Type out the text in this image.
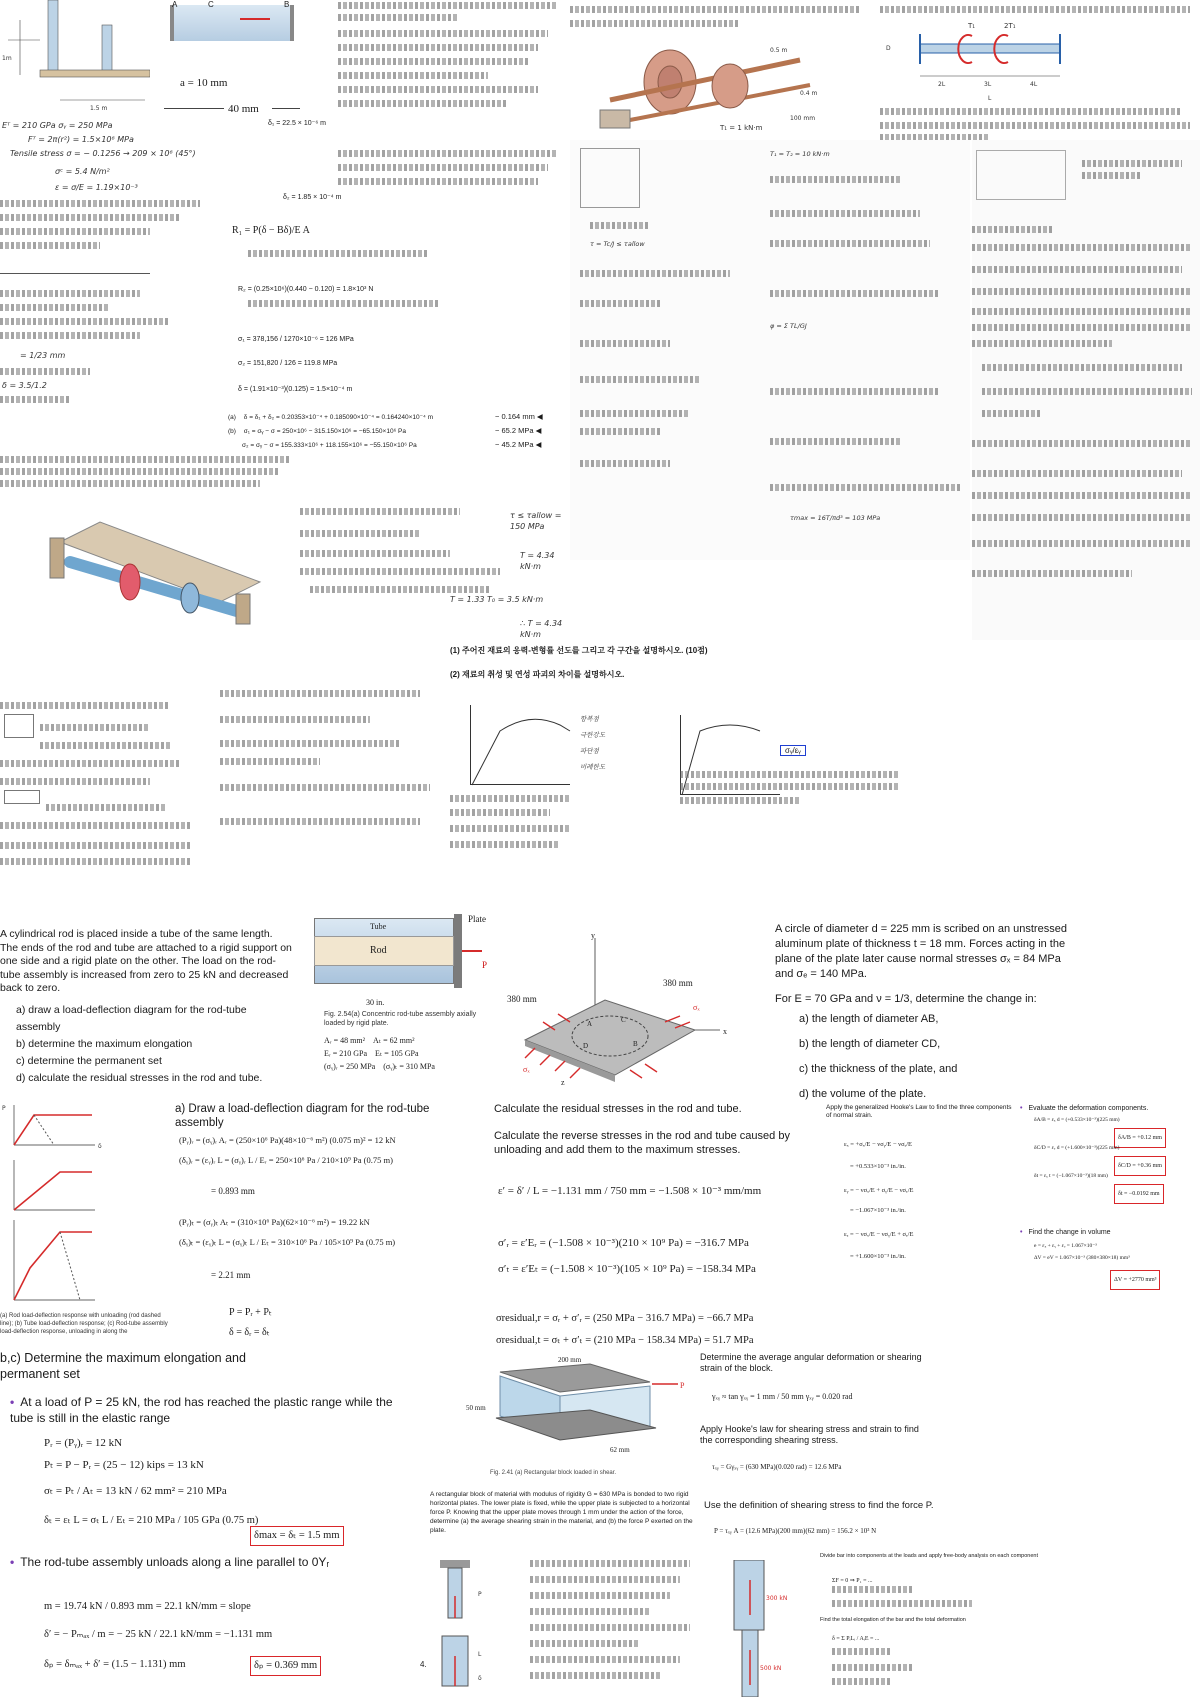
1m
1.5 m
A	C	B
a = 10 mm
40 mm
Eᵀ = 210 GPa σᵧ = 250 MPa
Fᵀ = 2π(r²) = 1.5×10⁶ MPa
Tensile stress σ = − 0.1256 → 209 × 10⁶ (45°)
σᶜ = 5.4 N/m²
ε = σ/E = 1.19×10⁻³
= 1/23 mm
δ = 3.5/1.2
δ₁ = 22.5 × 10⁻⁶ m
δ₂ = 1.85 × 10⁻⁴ m
R₁ = P(δ − Bδ)/E A
R₂ = (0.25×10⁶)(0.440 − 0.120) = 1.8×10³ N
σ₁ = 378,156 / 1270×10⁻⁶ = 126 MPa
σ₂ = 151,820 / 126 = 119.8 MPa
δ = (1.91×10⁻³)(0.125) = 1.5×10⁻⁴ m
(a) δ = δ₁ + δ₂ = 0.20353×10⁻⁴ + 0.185090×10⁻⁴ = 0.164240×10⁻⁴ m
(b) σ₁ = σᵧ − σ = 250×10⁶ − 315.150×10⁶ = −65.150×10⁶ Pa
σ₂ = σᵧ − σ = 155.333×10⁶ + 118.155×10⁶ = −55.150×10⁶ Pa
− 0.164 mm ◀
− 65.2 MPa ◀
− 45.2 MPa ◀
T₁ = 1 kN·m
0.5 m
0.4 m
100 mm
T₁	2T₁
2L	3L	4L
L
D
T₁ = T₂ = 10 kN·m
τ = Tc/J ≤ τallow
φ = Σ TL/GJ
τmax = 16T/πd³ = 103 MPa
τ ≤ τallow = 150 MPa
T = 4.34 kN·m
T = 1.33 T₀ = 3.5 kN·m
∴ T = 4.34 kN·m
(1) 주어진 재료의 응력-변형률 선도를 그리고 각 구간을 설명하시오. (10점)
(2) 재료의 취성 및 연성 파괴의 차이를 설명하시오.
항복점
극한강도
파단점
비례한도
σᵧ/εᵧ
A cylindrical rod is placed inside a tube of the same length. The ends of the rod and tube are attached to a rigid support on one side and a rigid plate on the other. The load on the rod-tube assembly is increased from zero to 25 kN and decreased back to zero.
a) draw a load-deflection diagram for the rod-tube assembly
b) determine the maximum elongation
c) determine the permanent set
d) calculate the residual stresses in the rod and tube.
Rod
Tube
Plate
P
30 in.
Fig. 2.54(a) Concentric rod-tube assembly axially loaded by rigid plate.
Aᵣ = 48 mm² Aₜ = 62 mm²
Eᵣ = 210 GPa Eₜ = 105 GPa
(σᵧ)ᵣ = 250 MPa (σᵧ)ₜ = 310 MPa
380 mm
380 mm
A
B
C
D
x
y
z
σₓ
σₓ
A circle of diameter d = 225 mm is scribed on an unstressed aluminum plate of thickness t = 18 mm. Forces acting in the plane of the plate later cause normal stresses σₓ = 84 MPa and σₑ = 140 MPa.
For E = 70 GPa and ν = 1/3, determine the change in:
a) the length of diameter AB,
b) the length of diameter CD,
c) the thickness of the plate, and
d) the volume of the plate.
P
δ
(a) Rod load-deflection response with unloading (rod dashed line); (b) Tube load-deflection response; (c) Rod-tube assembly load-deflection response, unloading in along the
a) Draw a load-deflection diagram for the rod-tube assembly
(Pᵧ)ᵣ = (σᵧ)ᵣ Aᵣ = (250×10⁶ Pa)(48×10⁻⁶ m²) (0.075 m)² = 12 kN
(δᵧ)ᵣ = (εᵧ)ᵣ L = (σᵧ)ᵣ L / Eᵣ = 250×10⁶ Pa / 210×10⁹ Pa (0.75 m)
= 0.893 mm
(Pᵧ)ₜ = (σᵧ)ₜ Aₜ = (310×10⁶ Pa)(62×10⁻⁶ m²) = 19.22 kN
(δᵧ)ₜ = (εᵧ)ₜ L = (σᵧ)ₜ L / Eₜ = 310×10⁶ Pa / 105×10⁹ Pa (0.75 m)
= 2.21 mm
P = Pᵣ + Pₜ
δ = δᵣ = δₜ
Calculate the residual stresses in the rod and tube.
Calculate the reverse stresses in the rod and tube caused by unloading and add them to the maximum stresses.
ε′ = δ′ / L = −1.131 mm / 750 mm = −1.508 × 10⁻³ mm/mm
σ′ᵣ = ε′Eᵣ = (−1.508 × 10⁻³)(210 × 10⁹ Pa) = −316.7 MPa
σ′ₜ = ε′Eₜ = (−1.508 × 10⁻³)(105 × 10⁹ Pa) = −158.34 MPa
σresidual,r = σᵣ + σ′ᵣ = (250 MPa − 316.7 MPa) = −66.7 MPa
σresidual,t = σₜ + σ′ₜ = (210 MPa − 158.34 MPa) = 51.7 MPa
Apply the generalized Hooke's Law to find the three components of normal strain.
εₓ = +σₓ/E − νσᵧ/E − νσₑ/E
= +0.533×10⁻³ in./in.
εᵧ = − νσₓ/E + σᵧ/E − νσₑ/E
= −1.067×10⁻³ in./in.
εₑ = − νσₓ/E − νσᵧ/E + σₑ/E
= +1.600×10⁻³ in./in.
• Evaluate the deformation components.
δA/B = εₓ d = (+0.533×10⁻³)(225 mm)
δA/B = +0.12 mm
δC/D = εₑ d = (+1.600×10⁻³)(225 mm)
δC/D = +0.36 mm
δt = εᵧ t = (−1.067×10⁻³)(18 mm)
δt = −0.0192 mm
• Find the change in volume
e = εₓ + εᵧ + εₑ = 1.067×10⁻³
ΔV = eV = 1.067×10⁻³ (380×380×18) mm³
ΔV = +2770 mm³
b,c) Determine the maximum elongation and permanent set
• At a load of P = 25 kN, the rod has reached the plastic range while the tube is still in the elastic range
Pᵣ = (Pᵧ)ᵣ = 12 kN
Pₜ = P − Pᵣ = (25 − 12) kips = 13 kN
σₜ = Pₜ / Aₜ = 13 kN / 62 mm² = 210 MPa
δₜ = εₜ L = σₜ L / Eₜ = 210 MPa / 105 GPa (0.75 m)
δmax = δₜ = 1.5 mm
• The rod-tube assembly unloads along a line parallel to 0Yᵣ
m = 19.74 kN / 0.893 mm = 22.1 kN/mm = slope
δ′ = − Pₘₐₓ / m = − 25 kN / 22.1 kN/mm = −1.131 mm
δₚ = δₘₐₓ + δ′ = (1.5 − 1.131) mm	δₚ = 0.369 mm
200 mm
50 mm
62 mm
P
Fig. 2.41 (a) Rectangular block loaded in shear.
Determine the average angular deformation or shearing strain of the block.
γₓᵧ ≈ tan γₓᵧ = 1 mm / 50 mm γₓᵧ = 0.020 rad
Apply Hooke's law for shearing stress and strain to find the corresponding shearing stress.
τₓᵧ = Gγₓᵧ = (630 MPa)(0.020 rad) = 12.6 MPa
A rectangular block of material with modulus of rigidity G = 630 MPa is bonded to two rigid horizontal plates. The lower plate is fixed, while the upper plate is subjected to a horizontal force P. Knowing that the upper plate moves through 1 mm under the action of the force, determine (a) the average shearing strain in the material, and (b) the force P exerted on the plate.
Use the definition of shearing stress to find the force P.
P = τₓᵧ A = (12.6 MPa)(200 mm)(62 mm) = 156.2 × 10³ N
P
L
δ
4.
300 kN
500 kN
Divide bar into components at the loads and apply free-body analysis on each component
ΣF = 0 ⇒ P₁ = ...
Find the total elongation of the bar and the total deformation
δ = Σ PᵢLᵢ / AᵢE = ...
